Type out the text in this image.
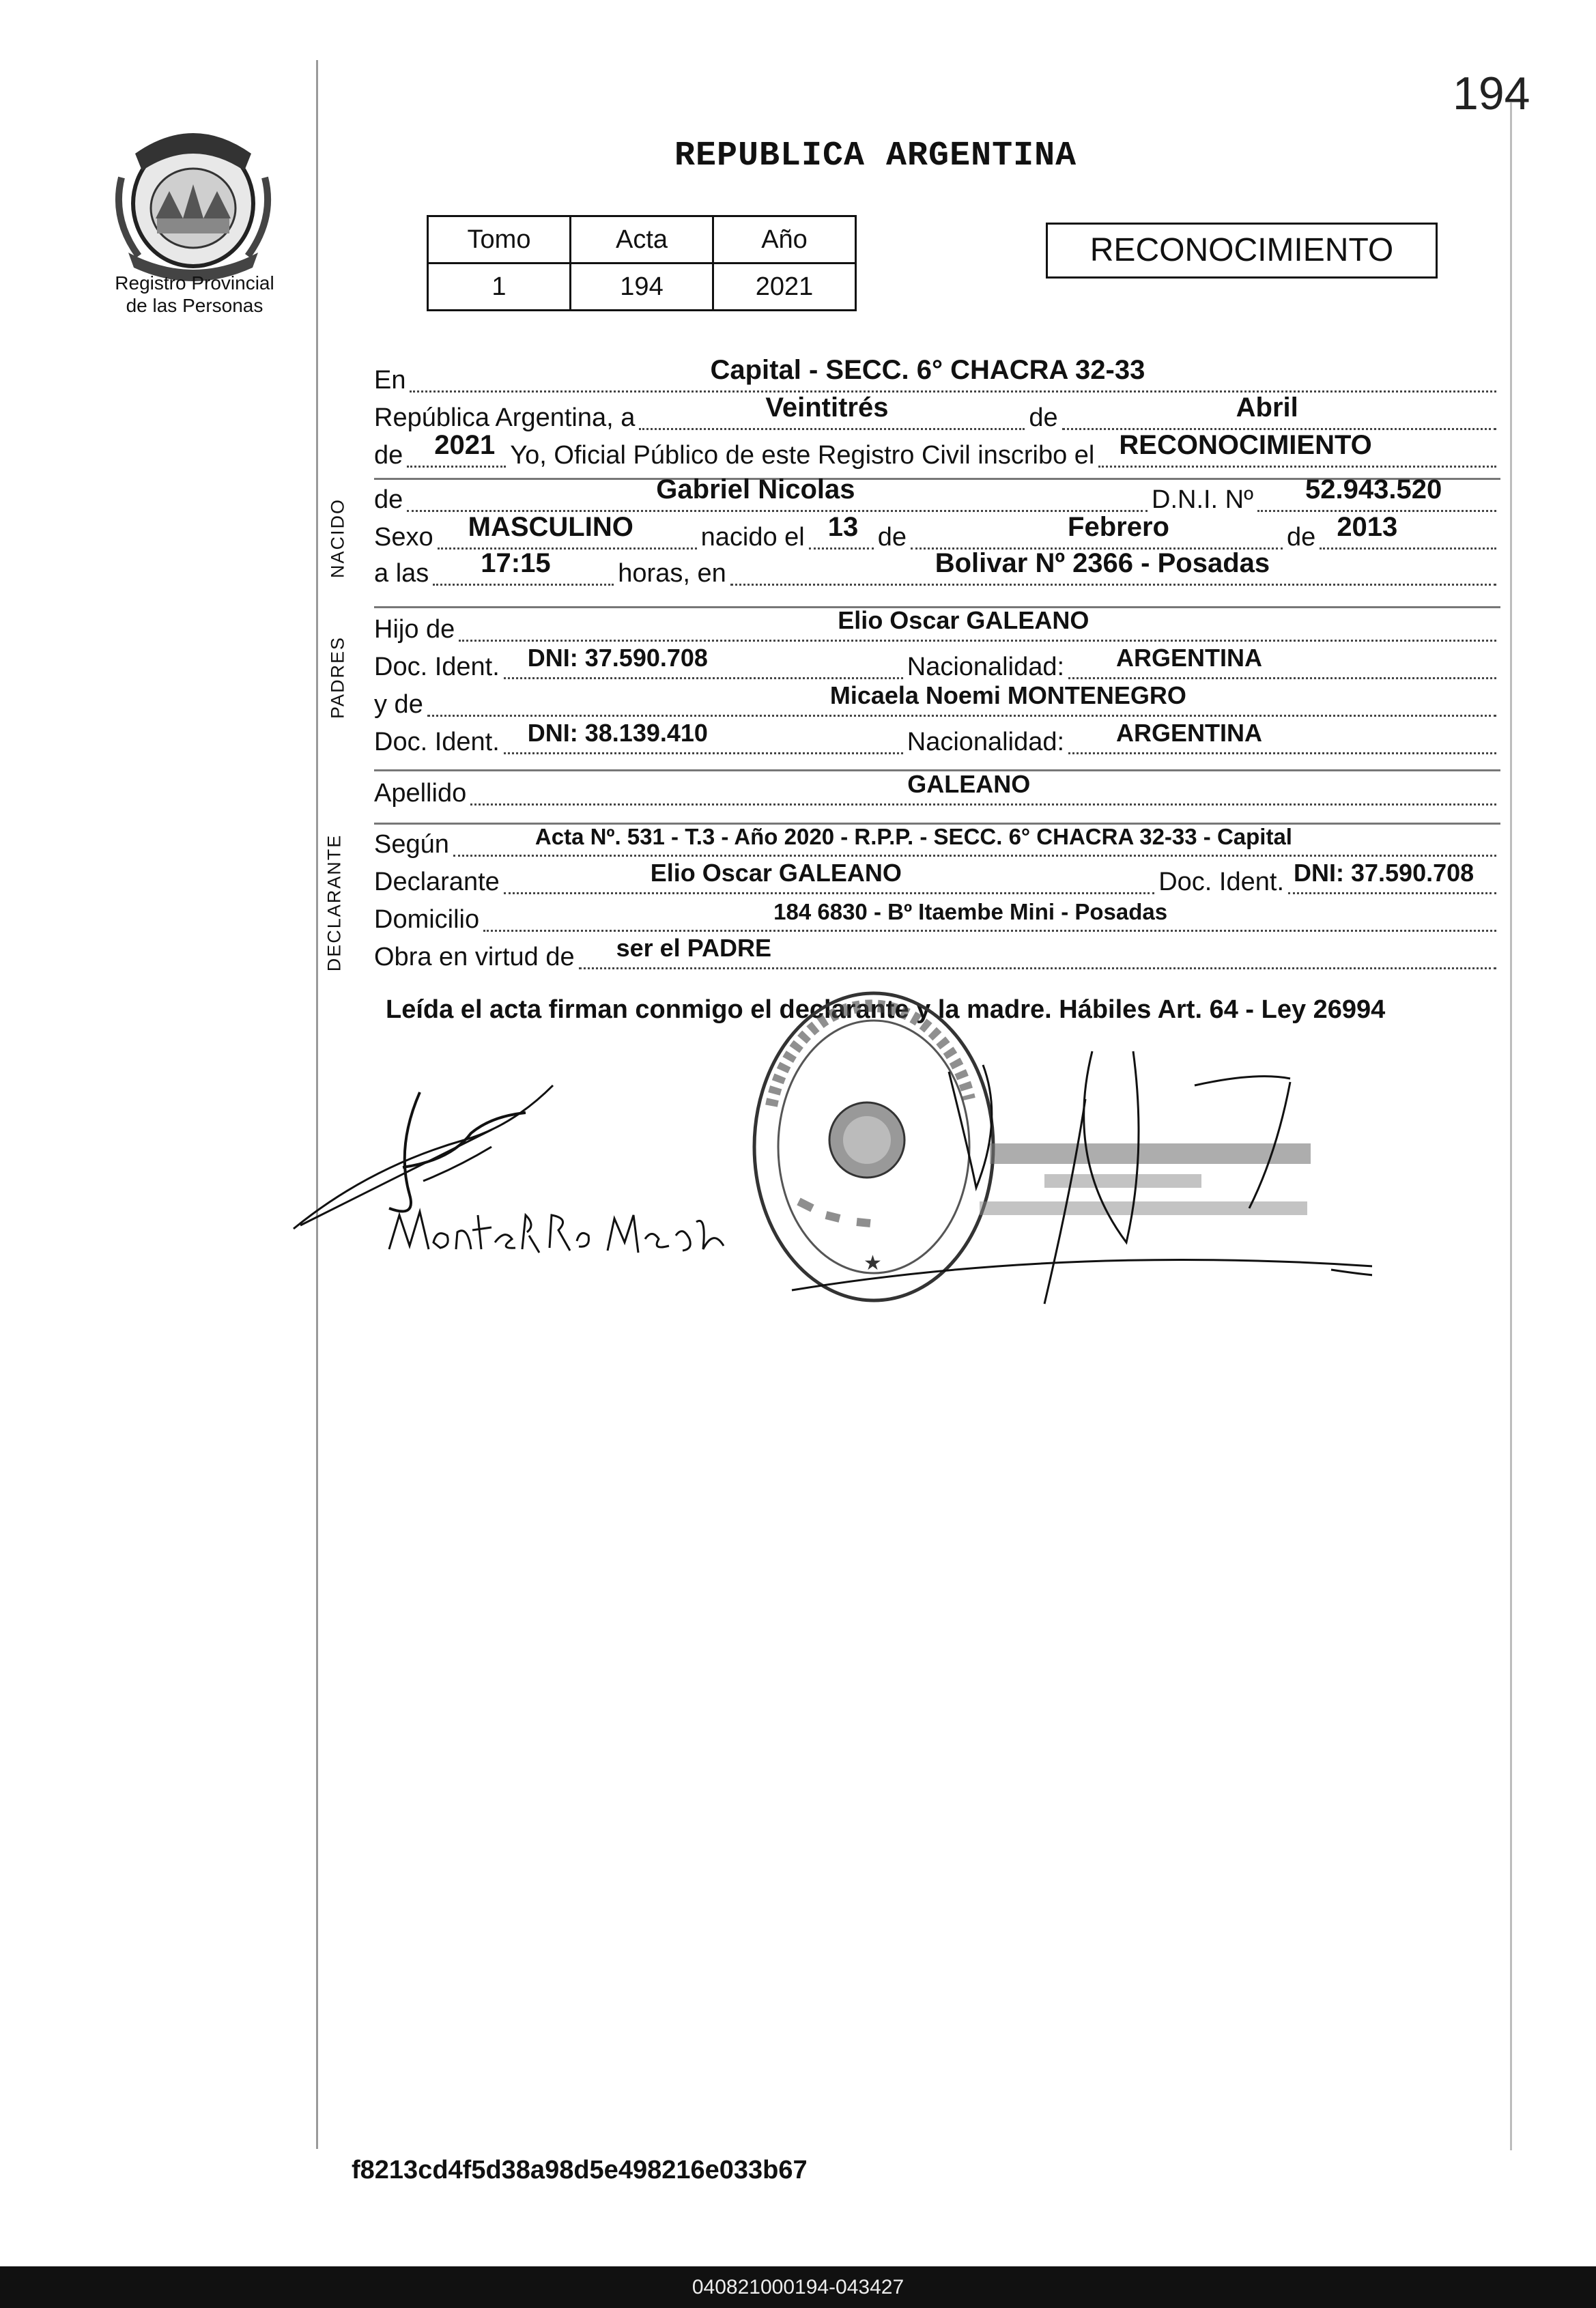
194
Registro Provincial
de las Personas
REPUBLICA ARGENTINA
Tomo	Acta	Año
1	194	2021
RECONOCIMIENTO
En	Capital - SECC. 6° CHACRA 32-33
República Argentina, a	Veintitrés	de	Abril
de 2021 Yo, Oficial Público de este Registro Civil inscribo el RECONOCIMIENTO
NACIDO de	Gabriel Nicolas	D.N.I. Nº 52.943.520
Sexo MASCULINO	nacido el 13 de	Febrero	de 2013
a las 17:15	horas, en	Bolivar Nº 2366 - Posadas
PADRES
Hijo de	Elio Oscar GALEANO
Doc. Ident. DNI: 37.590.708	Nacionalidad: ARGENTINA
y de	Micaela Noemi MONTENEGRO
Doc. Ident. DNI: 38.139.410	Nacionalidad: ARGENTINA
Apellido	GALEANO
DECLARANTE Según	Acta Nº. 531 - T.3 - Año 2020 - R.P.P. - SECC. 6° CHACRA 32-33 - Capital
Declarante	Elio Oscar GALEANO	Doc. Ident. DNI: 37.590.708
Domicilio	184 6830 - Bº Itaembe Mini - Posadas
Obra en virtud de ser el PADRE
Leída el acta firman conmigo el declarante y la madre. Hábiles Art. 64 - Ley 26994
★
f8213cd4f5d38a98d5e498216e033b67
040821000194-043427
